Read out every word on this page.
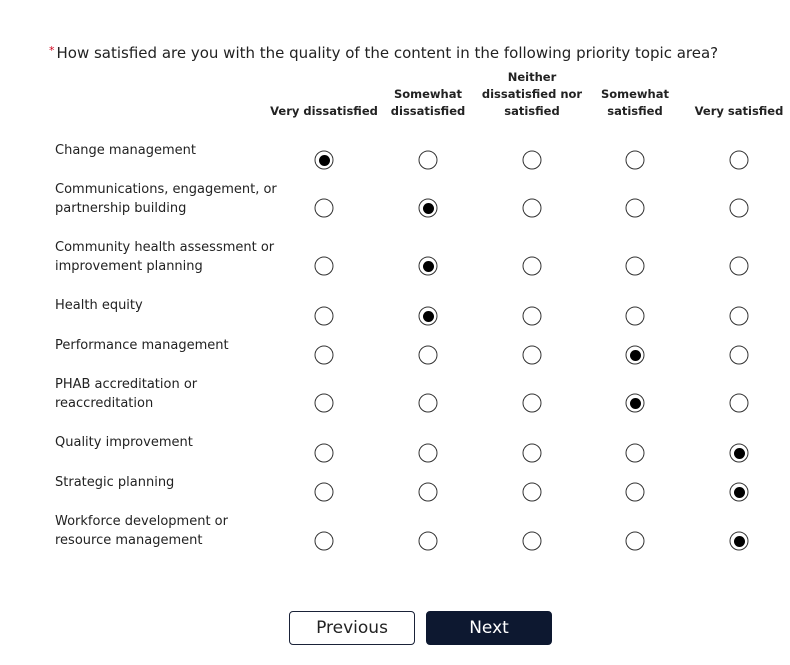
* How satisfied are you with the quality of the content in the following priority topic area?
Very dissatisfied
Somewhat
dissatisfied
Neither
dissatisfied nor
satisfied
Somewhat
satisfied	Very satisfied
Change management
Communications, engagement, or partnership building
Community health assessment or improvement planning
Health equity
Performance management
PHAB accreditation or reaccreditation
Quality improvement
Strategic planning
Workforce development or resource management
Previous	Next
